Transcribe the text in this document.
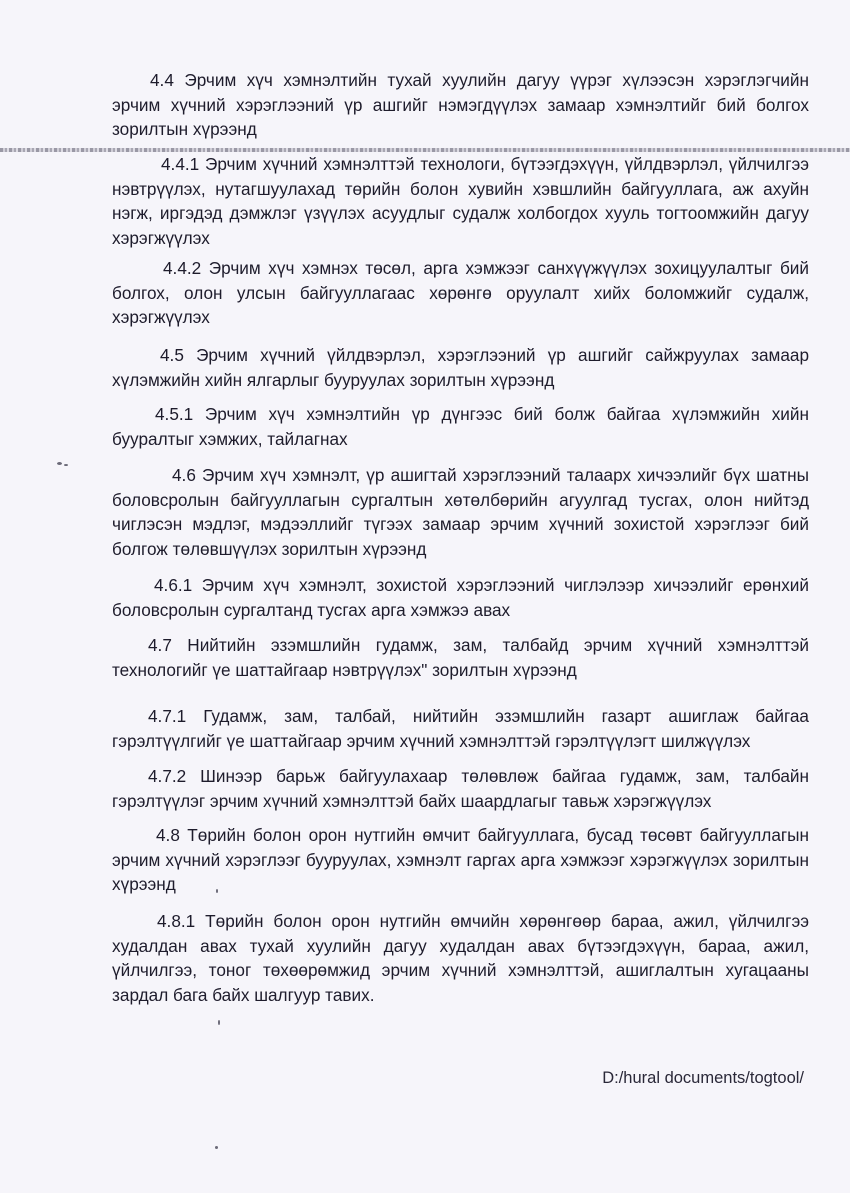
4.4 Эрчим хүч хэмнэлтийн тухай хуулийн дагуу үүрэг хүлээсэн хэрэглэгчийн эрчим хүчний хэрэглээний үр ашгийг нэмэгдүүлэх замаар хэмнэлтийг бий болгох зорилтын хүрээнд

4.4.1 Эрчим хүчний хэмнэлттэй технологи, бүтээгдэхүүн, үйлдвэрлэл, үйлчилгээ нэвтрүүлэх, нутагшуулахад төрийн болон хувийн хэвшлийн байгууллага, аж ахуйн нэгж, иргэдэд дэмжлэг үзүүлэх асуудлыг судалж холбогдох хууль тогтоомжийн дагуу хэрэгжүүлэх

4.4.2 Эрчим хүч хэмнэх төсөл, арга хэмжээг санхүүжүүлэх зохицуулалтыг бий болгох, олон улсын байгууллагаас хөрөнгө оруулалт хийх боломжийг судалж, хэрэгжүүлэх

4.5 Эрчим хүчний үйлдвэрлэл, хэрэглээний үр ашгийг сайжруулах замаар хүлэмжийн хийн ялгарлыг бууруулах зорилтын хүрээнд

4.5.1 Эрчим хүч хэмнэлтийн үр дүнгээс бий болж байгаа хүлэмжийн хийн бууралтыг хэмжих, тайлагнах

4.6 Эрчим хүч хэмнэлт, үр ашигтай хэрэглээний талаарх хичээлийг бүх шатны боловсролын байгууллагын сургалтын хөтөлбөрийн агуулгад тусгах, олон нийтэд чиглэсэн мэдлэг, мэдээллийг түгээх замаар эрчим хүчний зохистой хэрэглээг бий болгож төлөвшүүлэх зорилтын хүрээнд

4.6.1 Эрчим хүч хэмнэлт, зохистой хэрэглээний чиглэлээр хичээлийг ерөнхий боловсролын сургалтанд тусгах арга хэмжээ авах

4.7 Нийтийн эзэмшлийн гудамж, зам, талбайд эрчим хүчний хэмнэлттэй технологийг үе шаттайгаар нэвтрүүлэх" зорилтын хүрээнд

4.7.1 Гудамж, зам, талбай, нийтийн эзэмшлийн газарт ашиглаж байгаа гэрэлтүүлгийг үе шаттайгаар эрчим хүчний хэмнэлттэй гэрэлтүүлэгт шилжүүлэх

4.7.2 Шинээр барьж байгуулахаар төлөвлөж байгаа гудамж, зам, талбайн гэрэлтүүлэг эрчим хүчний хэмнэлттэй байх шаардлагыг тавьж хэрэгжүүлэх

4.8 Төрийн болон орон нутгийн өмчит байгууллага, бусад төсөвт байгууллагын эрчим хүчний хэрэглээг бууруулах, хэмнэлт гаргах арга хэмжээг хэрэгжүүлэх зорилтын хүрээнд

4.8.1 Төрийн болон орон нутгийн өмчийн хөрөнгөөр бараа, ажил, үйлчилгээ худалдан авах тухай хуулийн дагуу худалдан авах бүтээгдэхүүн, бараа, ажил, үйлчилгээ, тоног төхөөрөмжид эрчим хүчний хэмнэлттэй, ашиглалтын хугацааны зардал бага байх шалгуур тавих.

D:/hural documents/togtool/
